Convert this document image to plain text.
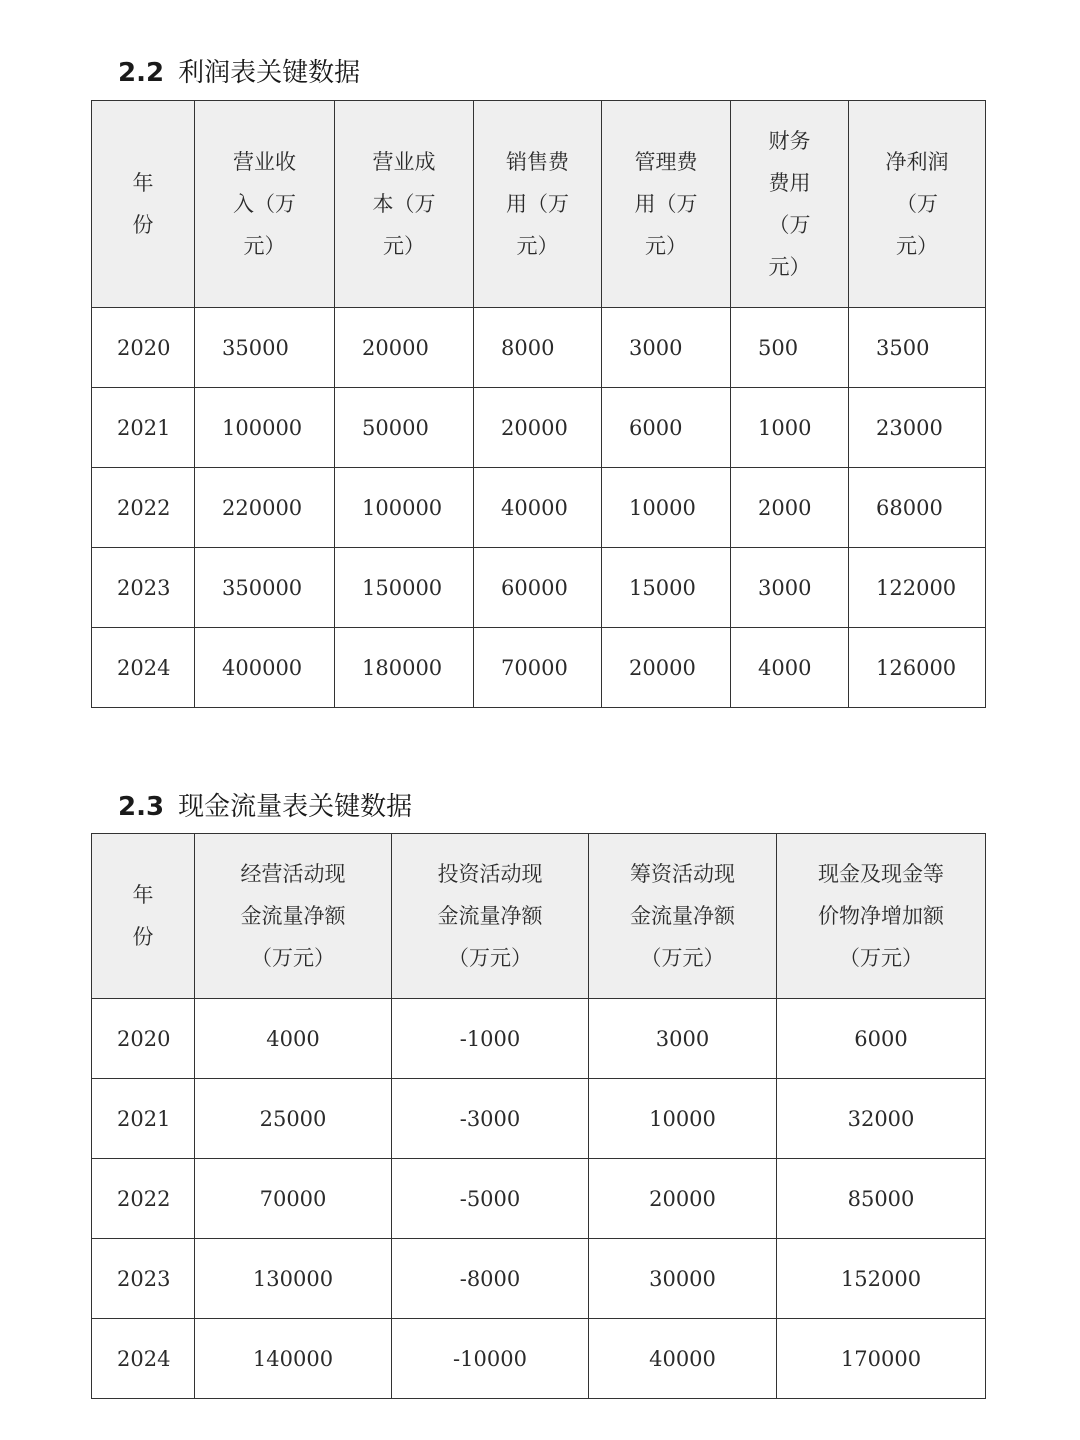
2.2 利润表关键数据
年
份	营业收
入（万
元）	营业成
本（万
元）	销售费
用（万
元）	管理费
用（万
元）	财务
费用
（万
元）	净利润
（万
元）
2020	35000	20000	8000	3000	500	3500
2021	100000	50000	20000	6000	1000	23000
2022	220000	100000	40000	10000	2000	68000
2023	350000	150000	60000	15000	3000	122000
2024	400000	180000	70000	20000	4000	126000
2.3 现金流量表关键数据
年
份	经营活动现
金流量净额
（万元）	投资活动现
金流量净额
（万元）	筹资活动现
金流量净额
（万元）	现金及现金等
价物净增加额
（万元）
2020	4000	-1000	3000	6000
2021	25000	-3000	10000	32000
2022	70000	-5000	20000	85000
2023	130000	-8000	30000	152000
2024	140000	-10000	40000	170000
